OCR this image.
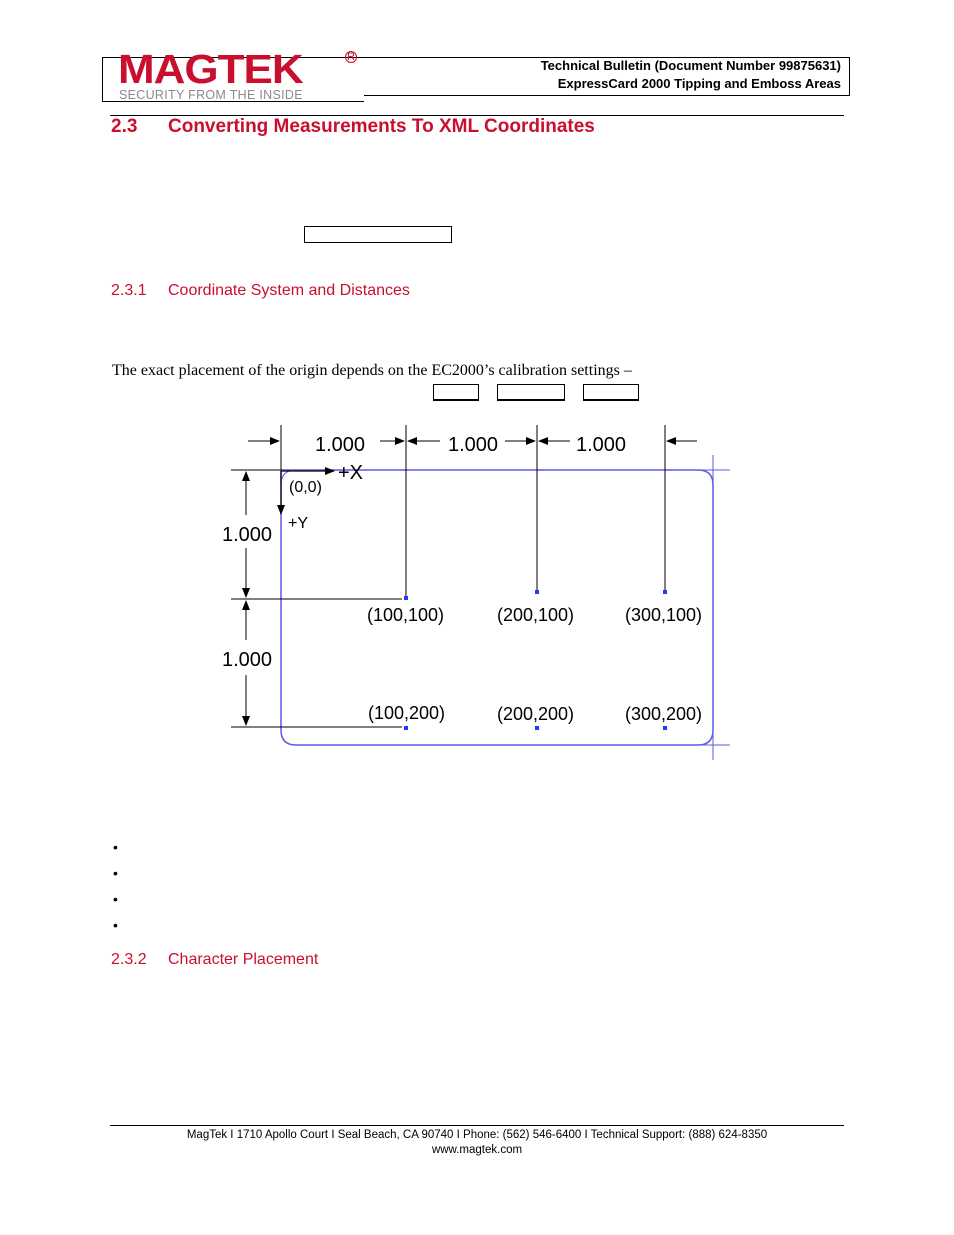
MAGTEK	R
SECURITY FROM THE INSIDE
Technical Bulletin (Document Number 99875631)
ExpressCard 2000 Tipping and Emboss Areas
2.3 Converting Measurements To XML Coordinates
2.3.1 Coordinate System and Distances
The exact placement of the origin depends on the EC2000’s calibration settings –
1.000	1.000	1.000
1.000
1.000
+X
+Y
(0,0)
(100,100)	(200,100)	(300,100)
(100,200)	(200,200)	(300,200)
•
•
•
•
2.3.2 Character Placement
MagTek I 1710 Apollo Court I Seal Beach, CA 90740 I Phone: (562) 546-6400 I Technical Support: (888) 624-8350
www.magtek.com
